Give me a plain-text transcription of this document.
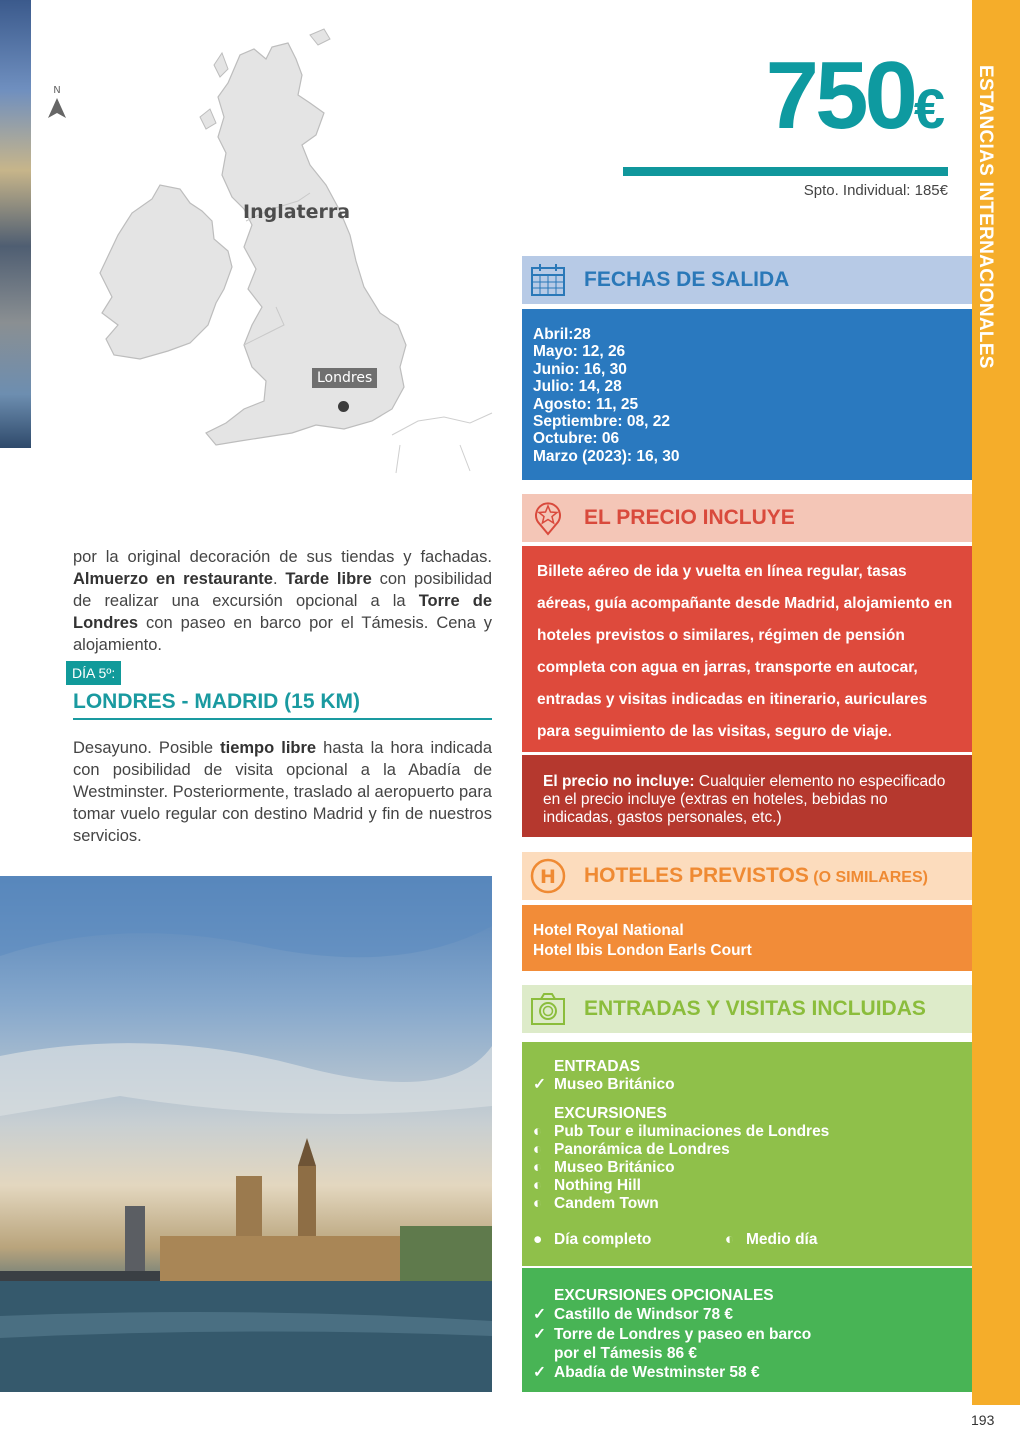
N
Inglaterra
Londres
por la original decoración de sus tiendas y fachadas. Almuerzo en restaurante. Tarde libre con posibilidad de realizar una excursión opcional a la Torre de Londres con paseo en barco por el Támesis. Cena y alojamiento.
DÍA 5º:
LONDRES - MADRID (15 KM)
Desayuno. Posible tiempo libre hasta la hora indicada con posibilidad de visita opcional a la Abadía de Westminster. Posteriormente, traslado al aeropuerto para tomar vuelo regular con destino Madrid y fin de nuestros servicios.
750€
Spto. Individual: 185€ ESTANCIAS INTERNACIONALES
193
FECHAS DE SALIDA
Abril:28
Mayo: 12, 26
Junio: 16, 30
Julio: 14, 28
Agosto: 11, 25
Septiembre: 08, 22
Octubre: 06
Marzo (2023): 16, 30
EL PRECIO INCLUYE
Billete aéreo de ida y vuelta en línea regular, tasas aéreas, guía acompañante desde Madrid, alojamiento en hoteles previstos o similares, régimen de pensión completa con agua en jarras, transporte en autocar, entradas y visitas indicadas en itinerario, auriculares para seguimiento de las visitas, seguro de viaje.
El precio no incluye: Cualquier elemento no especificado en el precio incluye (extras en hoteles, bebidas no indicadas, gastos personales, etc.)
H HOTELES PREVISTOS (O SIMILARES)
Hotel Royal National
Hotel Ibis London Earls Court
ENTRADAS Y VISITAS INCLUIDAS
ENTRADAS
✓ Museo Británico
EXCURSIONES
◐ Pub Tour e iluminaciones de Londres
◐ Panorámica de Londres
◐ Museo Británico
◐ Nothing Hill
◐ Candem Town
● Día completo	◐ Medio día
EXCURSIONES OPCIONALES
✓ Castillo de Windsor 78 €
✓ Torre de Londres y paseo en barco
por el Támesis 86 €
✓ Abadía de Westminster 58 €
